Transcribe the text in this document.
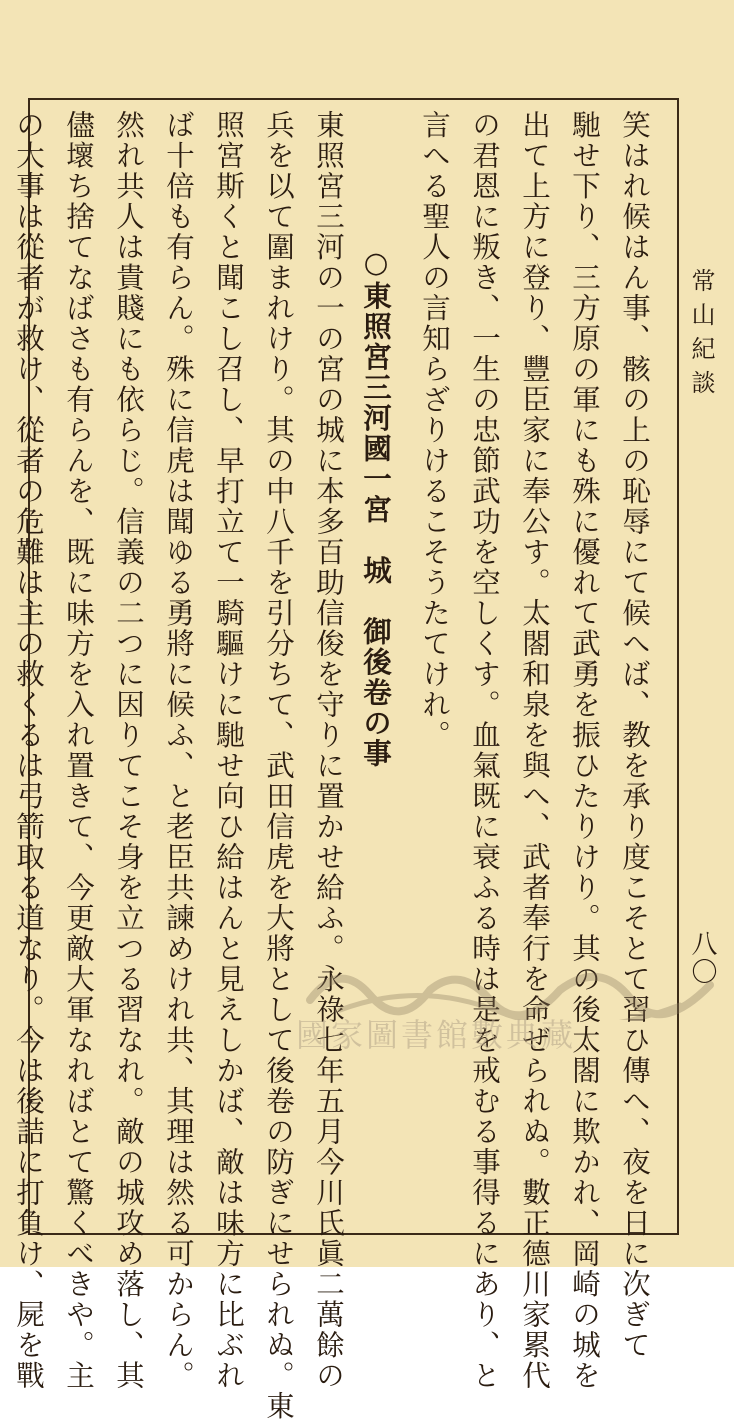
常山紀談
八〇
笑はれ候はん事、骸の上の恥辱にて候へば、教を承り度こそとて習ひ傳へ、夜を日に次ぎて
馳せ下り、三方原の軍にも殊に優れて武勇を振ひたりけり。其の後太閤に欺かれ、岡崎の城を
出て上方に登り、豐臣家に奉公す。太閤和泉を與へ、武者奉行を命ぜられぬ。數正德川家累代
の君恩に叛き、一生の忠節武功を空しくす。血氣既に衰ふる時は是を戒むる事得るにあり、と
言へる聖人の言知らざりけるこそうたてけれ。
○東照宮三河國一宮　城　御後卷の事
東照宮三河の一の宮の城に本多百助信俊を守りに置かせ給ふ。永祿七年五月今川氏眞二萬餘の
兵を以て圍まれけり。其の中八千を引分ちて、武田信虎を大將として後卷の防ぎにせられぬ。東
照宮斯くと聞こし召し、早打立て一騎驅けに馳せ向ひ給はんと見えしかば、敵は味方に比ぶれ
ば十倍も有らん。殊に信虎は聞ゆる勇將に候ふ、と老臣共諫めけれ共、其理は然る可からん。
然れ共人は貴賤にも依らじ。信義の二つに因りてこそ身を立つる習なれ。敵の城攻め落し、其
儘壞ち捨てなばさも有らんを、既に味方を入れ置きて、今更敵大軍なればとて驚くべきや。主
の大事は從者が救け、從者の危難は主の救くるは弓箭取る道なり。今は後詰に打負け、屍を戰	國家圖書館數典藏
